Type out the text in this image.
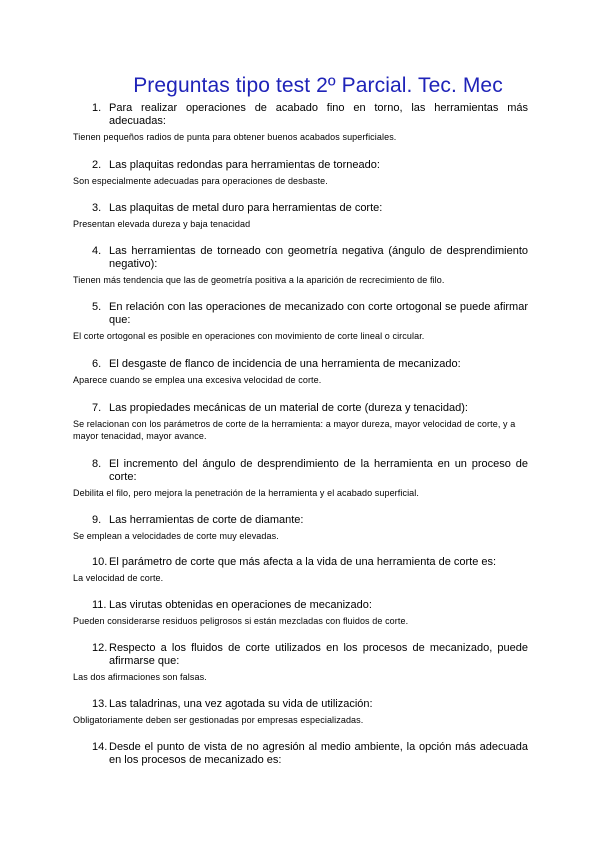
Preguntas tipo test 2º Parcial. Tec. Mec
1. Para realizar operaciones de acabado fino en torno, las herramientas más adecuadas:
Tienen pequeños radios de punta para obtener buenos acabados superficiales.
2. Las plaquitas redondas para herramientas de torneado:
Son especialmente adecuadas para operaciones de desbaste.
3. Las plaquitas de metal duro para herramientas de corte:
Presentan elevada dureza y baja tenacidad
4. Las herramientas de torneado con geometría negativa (ángulo de desprendimiento negativo):
Tienen más tendencia que las de geometría positiva a la aparición de recrecimiento de filo.
5. En relación con las operaciones de mecanizado con corte ortogonal se puede afirmar que:
El corte ortogonal es posible en operaciones con movimiento de corte lineal o circular.
6. El desgaste de flanco de incidencia de una herramienta de mecanizado:
Aparece cuando se emplea una excesiva velocidad de corte.
7. Las propiedades mecánicas de un material de corte (dureza y tenacidad):
Se relacionan con los parámetros de corte de la herramienta: a mayor dureza, mayor velocidad de corte, y a mayor tenacidad, mayor avance.
8. El incremento del ángulo de desprendimiento de la herramienta en un proceso de corte:
Debilita el filo, pero mejora la penetración de la herramienta y el acabado superficial.
9. Las herramientas de corte de diamante:
Se emplean a velocidades de corte muy elevadas.
10. El parámetro de corte que más afecta a la vida de una herramienta de corte es:
La velocidad de corte.
11. Las virutas obtenidas en operaciones de mecanizado:
Pueden considerarse residuos peligrosos si están mezcladas con fluidos de corte.
12. Respecto a los fluidos de corte utilizados en los procesos de mecanizado, puede afirmarse que:
Las dos afirmaciones son falsas.
13. Las taladrinas, una vez agotada su vida de utilización:
Obligatoriamente deben ser gestionadas por empresas especializadas.
14. Desde el punto de vista de no agresión al medio ambiente, la opción más adecuada en los procesos de mecanizado es:
